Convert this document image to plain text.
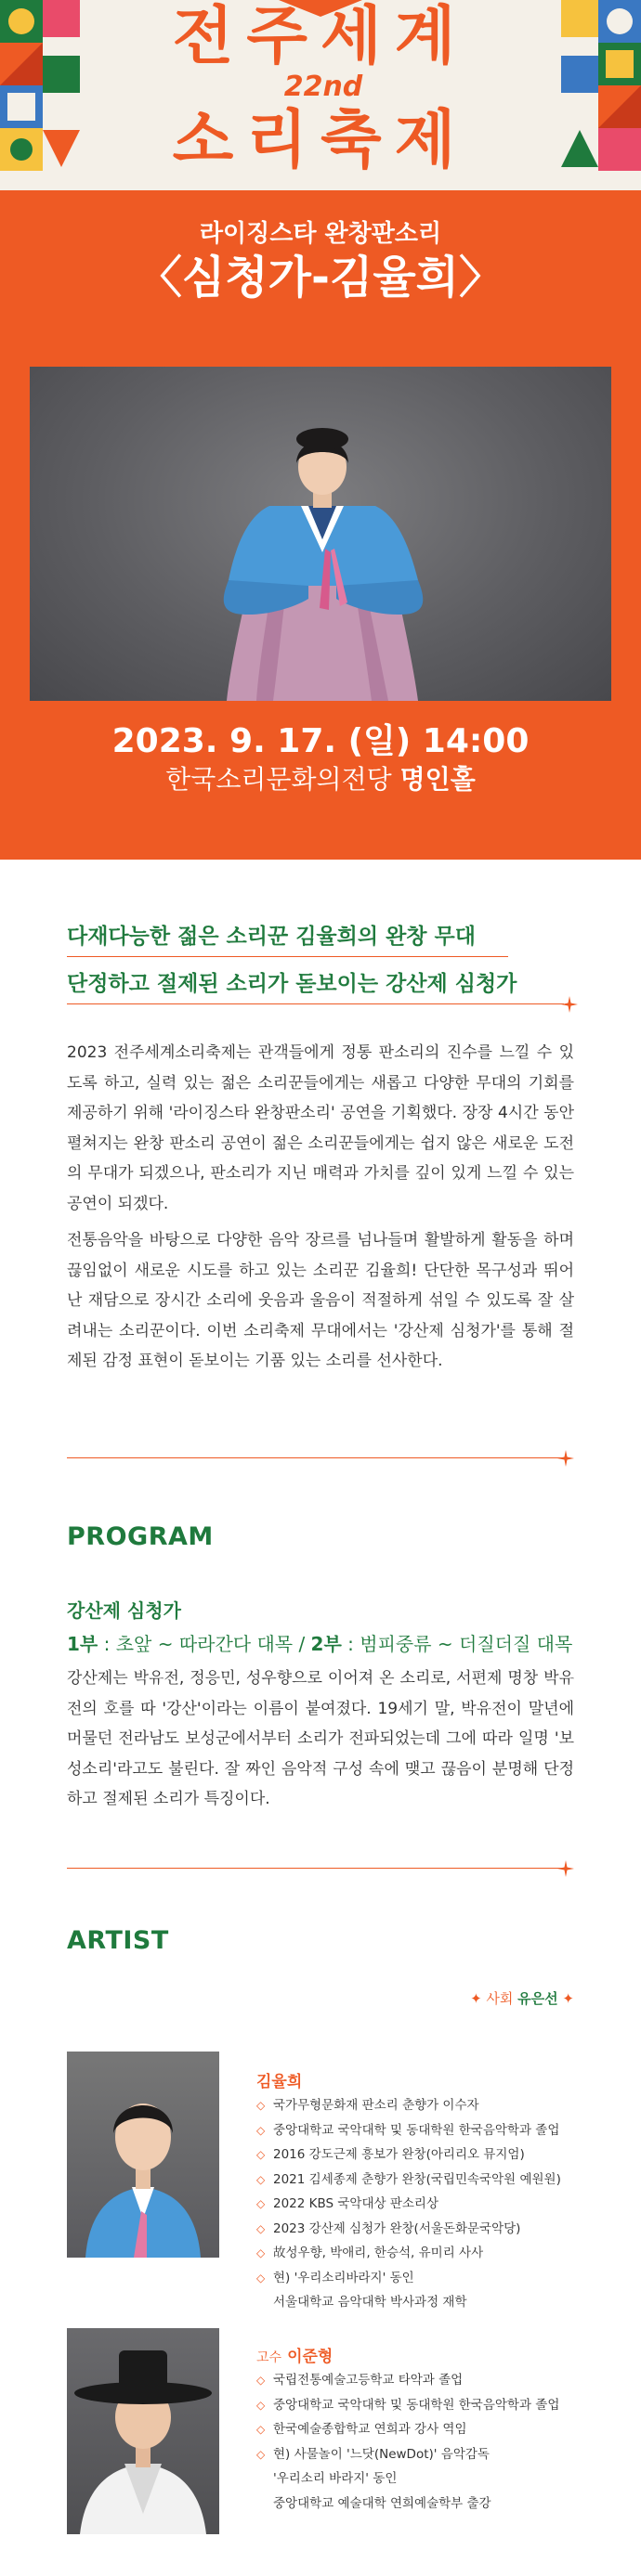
전주세계
22nd
소리축제
라이징스타 완창판소리
〈심청가-김율희〉
2023. 9. 17. (일) 14:00
한국소리문화의전당 명인홀
다재다능한 젊은 소리꾼 김율희의 완창 무대
단정하고 절제된 소리가 돋보이는 강산제 심청가
2023 전주세계소리축제는 관객들에게 정통 판소리의 진수를 느낄 수 있도록 하고, 실력 있는 젊은 소리꾼들에게는 새롭고 다양한 무대의 기회를 제공하기 위해 '라이징스타 완창판소리' 공연을 기획했다. 장장 4시간 동안 펼쳐지는 완창 판소리 공연이 젊은 소리꾼들에게는 쉽지 않은 새로운 도전의 무대가 되겠으나, 판소리가 지닌 매력과 가치를 깊이 있게 느낄 수 있는 공연이 되겠다.
전통음악을 바탕으로 다양한 음악 장르를 넘나들며 활발하게 활동을 하며 끊임없이 새로운 시도를 하고 있는 소리꾼 김율희! 단단한 목구성과 뛰어난 재담으로 장시간 소리에 웃음과 울음이 적절하게 섞일 수 있도록 잘 살려내는 소리꾼이다. 이번 소리축제 무대에서는 '강산제 심청가'를 통해 절제된 감정 표현이 돋보이는 기품 있는 소리를 선사한다.
PROGRAM
강산제 심청가
1부 : 초앞 ~ 따라간다 대목 / 2부 : 범피중류 ~ 더질더질 대목
강산제는 박유전, 정응민, 성우향으로 이어져 온 소리로, 서편제 명창 박유전의 호를 따 '강산'이라는 이름이 붙여졌다. 19세기 말, 박유전이 말년에 머물던 전라남도 보성군에서부터 소리가 전파되었는데 그에 따라 일명 '보성소리'라고도 불린다. 잘 짜인 음악적 구성 속에 맺고 끊음이 분명해 단정하고 절제된 소리가 특징이다.
ARTIST
✦ 사회 유은선 ✦
김율희
◇ 국가무형문화재 판소리 춘향가 이수자
◇ 중앙대학교 국악대학 및 동대학원 한국음악학과 졸업
◇ 2016 강도근제 흥보가 완창(아리리오 뮤지엄)
◇ 2021 김세종제 춘향가 완창(국립민속국악원 예원원)
◇ 2022 KBS 국악대상 판소리상
◇ 2023 강산제 심청가 완창(서울돈화문국악당)
◇ 故성우향, 박애리, 한승석, 유미리 사사
◇ 현) '우리소리바라지' 동인
서울대학교 음악대학 박사과정 재학
고수 이준형
◇ 국립전통예술고등학교 타악과 졸업
◇ 중앙대학교 국악대학 및 동대학원 한국음악학과 졸업
◇ 한국예술종합학교 연희과 강사 역임
◇ 현) 사물놀이 '느닷(NewDot)' 음악감독
'우리소리 바라지' 동인
중앙대학교 예술대학 연희예술학부 출강
